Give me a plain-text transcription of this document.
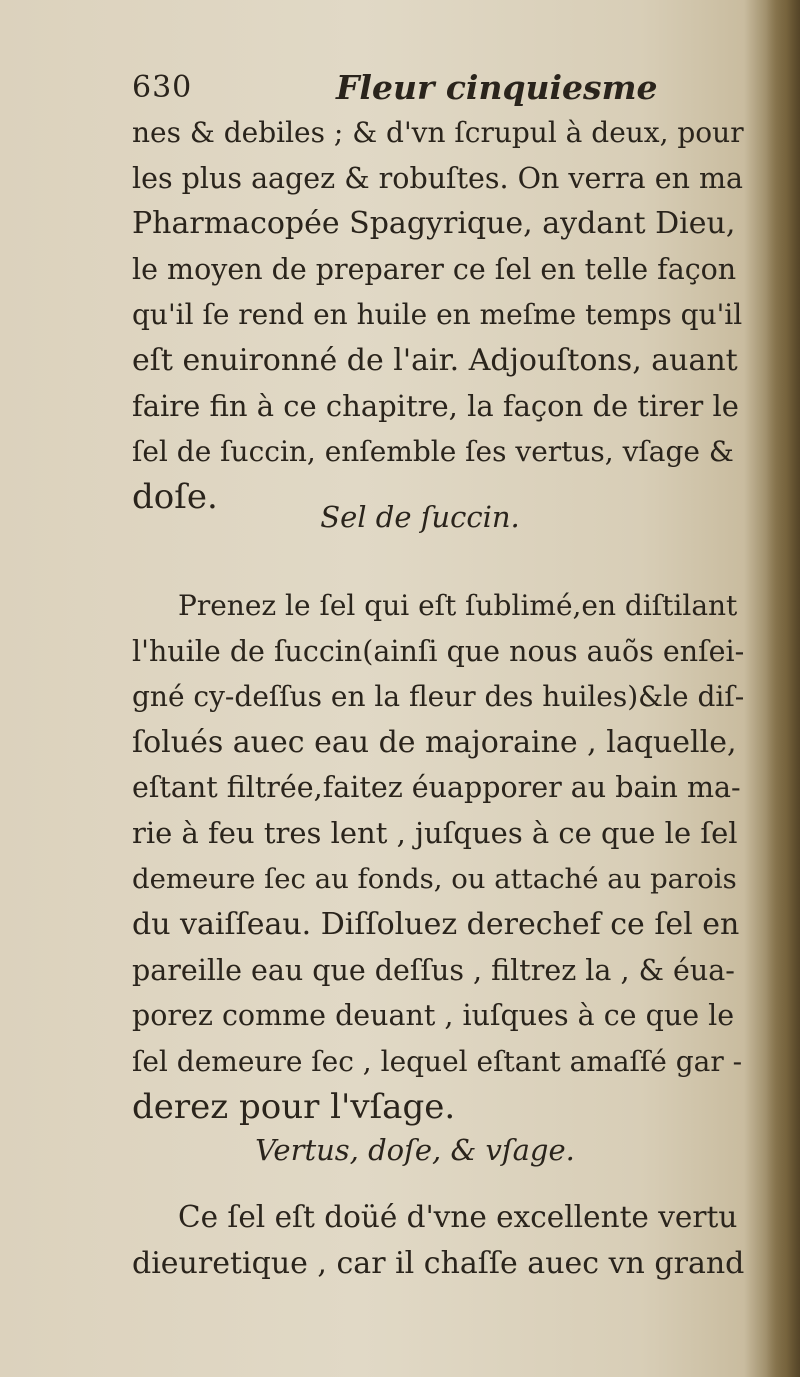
630	Fleur cinquiesme
nes & debiles ; & d'vn ſcrupul à deux, pour
les plus aagez & robuſtes. On verra en ma
Pharmacopée Spagyrique, aydant Dieu,
le moyen de preparer ce ſel en telle façon
qu'il ſe rend en huile en meſme temps qu'il
eſt enuironné de l'air. Adjouſtons, auant
faire fin à ce chapitre, la façon de tirer le
ſel de ſuccin, enſemble ſes vertus, vſage &
doſe.
Sel de ſuccin.
Prenez le ſel qui eſt ſublimé,en diſtilant
l'huile de ſuccin(ainſi que nous auõs enſei-
gné cy-deſſus en la fleur des huiles)&le diſ-
ſolués auec eau de majoraine , laquelle,
eſtant filtrée,faitez éuapporer au bain ma-
rie à feu tres lent , juſques à ce que le ſel
demeure ſec au fonds, ou attaché au parois
du vaiſſeau. Diſſoluez derechef ce ſel en
pareille eau que deſſus , filtrez la , & éua-
porez comme deuant , iuſques à ce que le
ſel demeure ſec , lequel eſtant amaſſé gar -
derez pour l'vſage.
Vertus, doſe, & vſage.
Ce ſel eſt doüé d'vne excellente vertu
dieuretique , car il chaſſe auec vn grand
